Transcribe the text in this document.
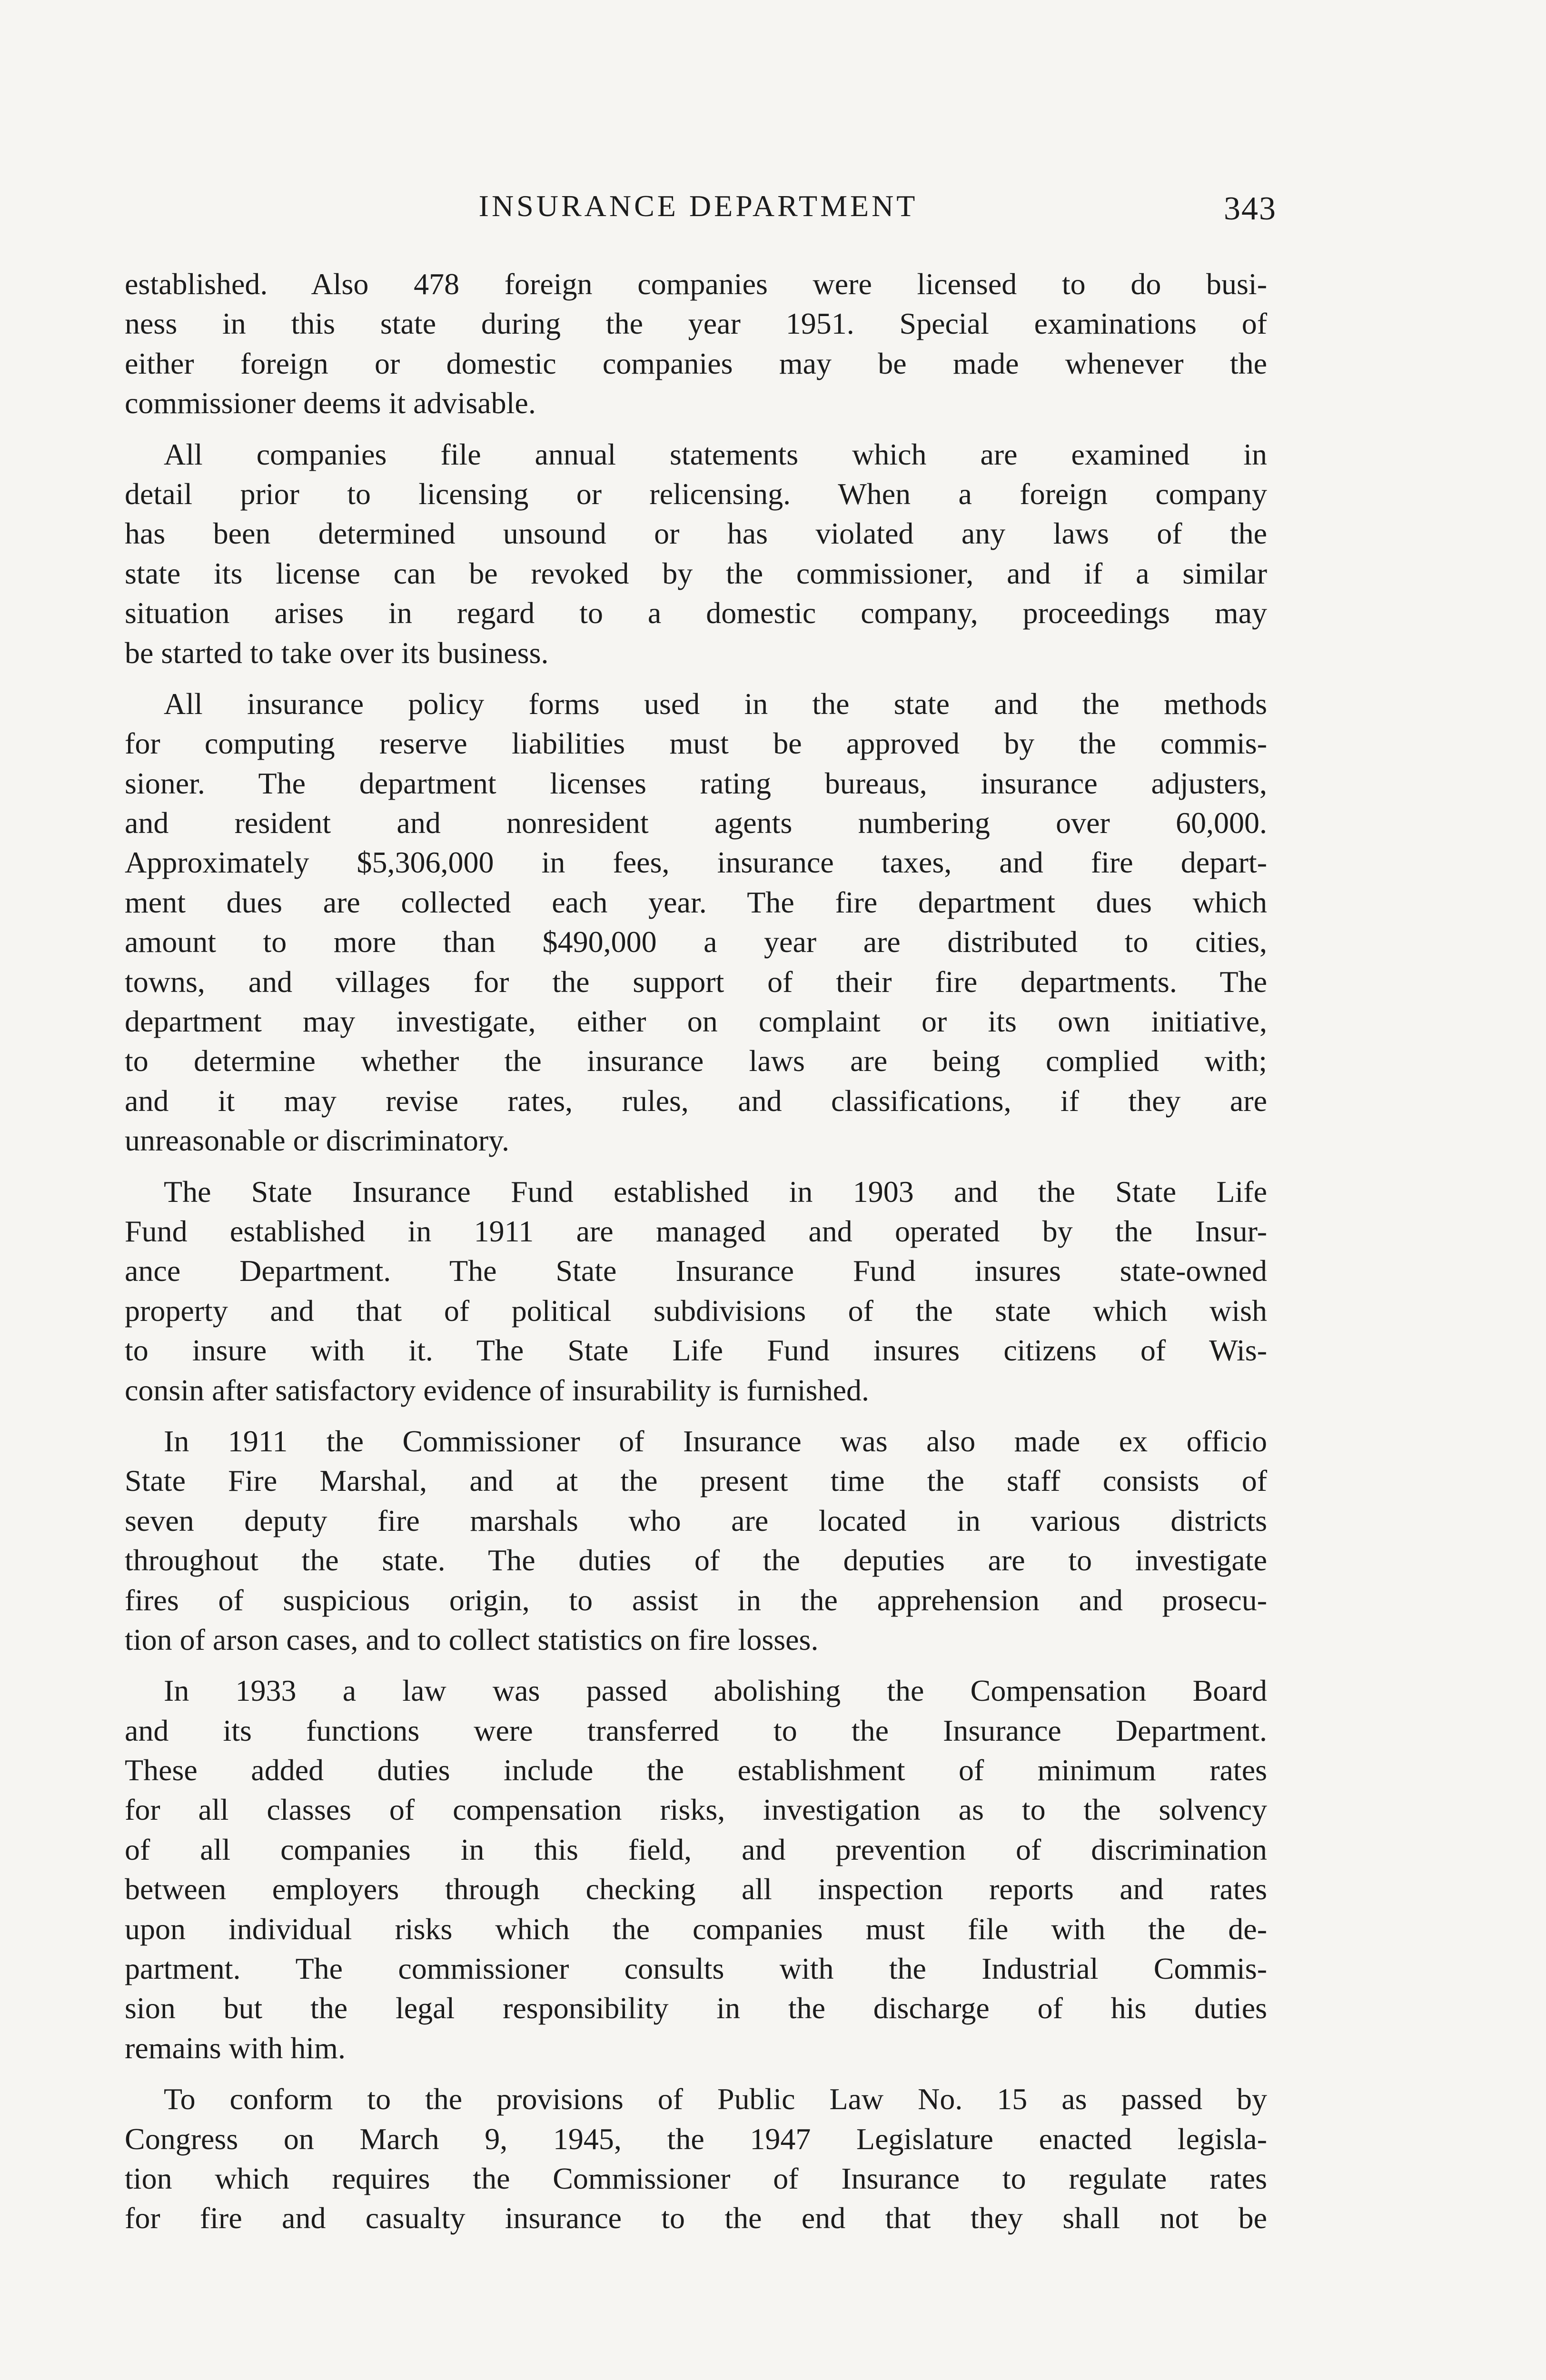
INSURANCE DEPARTMENT	343
established. Also 478 foreign companies were licensed to do busi-
ness in this state during the year 1951. Special examinations of
either foreign or domestic companies may be made whenever the
commissioner deems it advisable.
All companies file annual statements which are examined in
detail prior to licensing or relicensing. When a foreign company
has been determined unsound or has violated any laws of the
state its license can be revoked by the commissioner, and if a similar
situation arises in regard to a domestic company, proceedings may
be started to take over its business.
All insurance policy forms used in the state and the methods
for computing reserve liabilities must be approved by the commis-
sioner. The department licenses rating bureaus, insurance adjusters,
and resident and nonresident agents numbering over 60,000.
Approximately $5,306,000 in fees, insurance taxes, and fire depart-
ment dues are collected each year. The fire department dues which
amount to more than $490,000 a year are distributed to cities,
towns, and villages for the support of their fire departments. The
department may investigate, either on complaint or its own initiative,
to determine whether the insurance laws are being complied with;
and it may revise rates, rules, and classifications, if they are
unreasonable or discriminatory.
The State Insurance Fund established in 1903 and the State Life
Fund established in 1911 are managed and operated by the Insur-
ance Department. The State Insurance Fund insures state-owned
property and that of political subdivisions of the state which wish
to insure with it. The State Life Fund insures citizens of Wis-
consin after satisfactory evidence of insurability is furnished.
In 1911 the Commissioner of Insurance was also made ex officio
State Fire Marshal, and at the present time the staff consists of
seven deputy fire marshals who are located in various districts
throughout the state. The duties of the deputies are to investigate
fires of suspicious origin, to assist in the apprehension and prosecu-
tion of arson cases, and to collect statistics on fire losses.
In 1933 a law was passed abolishing the Compensation Board
and its functions were transferred to the Insurance Department.
These added duties include the establishment of minimum rates
for all classes of compensation risks, investigation as to the solvency
of all companies in this field, and prevention of discrimination
between employers through checking all inspection reports and rates
upon individual risks which the companies must file with the de-
partment. The commissioner consults with the Industrial Commis-
sion but the legal responsibility in the discharge of his duties
remains with him.
To conform to the provisions of Public Law No. 15 as passed by
Congress on March 9, 1945, the 1947 Legislature enacted legisla-
tion which requires the Commissioner of Insurance to regulate rates
for fire and casualty insurance to the end that they shall not be
